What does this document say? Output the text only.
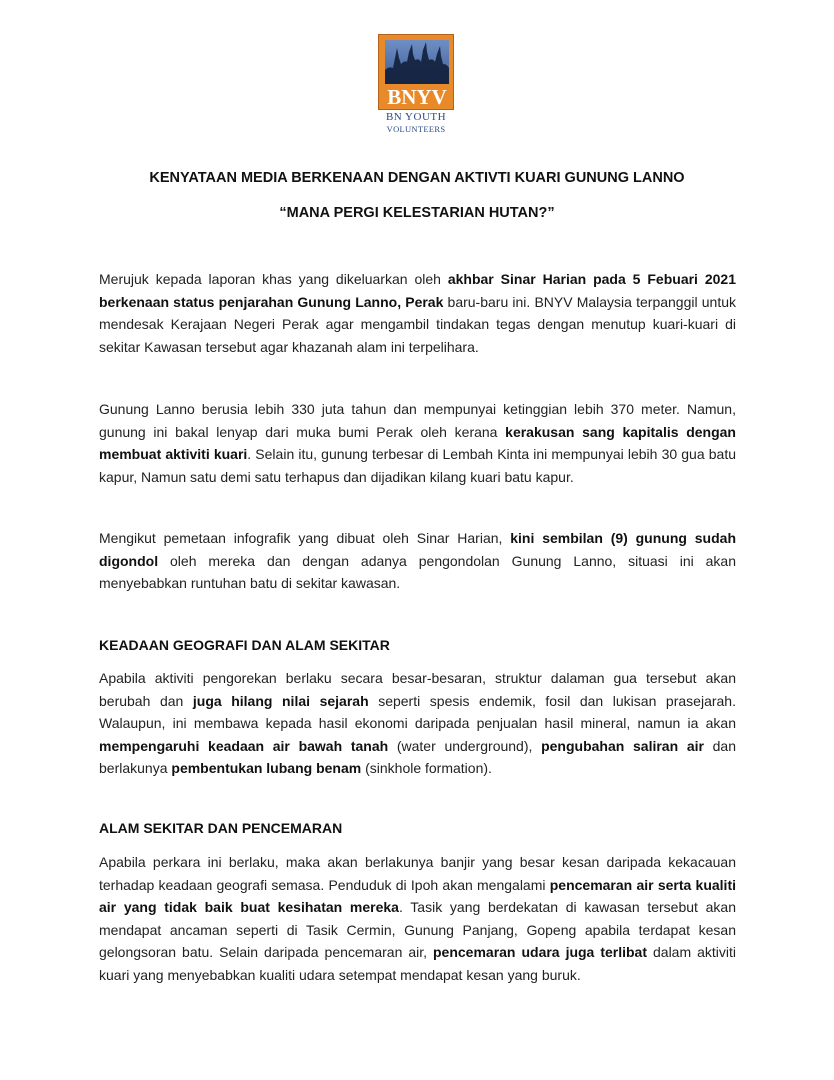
BNYV
BN YOUTH
VOLUNTEERS
KENYATAAN MEDIA BERKENAAN DENGAN AKTIVTI KUARI GUNUNG LANNO
“MANA PERGI KELESTARIAN HUTAN?”
Merujuk kepada laporan khas yang dikeluarkan oleh akhbar Sinar Harian pada 5 Febuari 2021 berkenaan status penjarahan Gunung Lanno, Perak baru-baru ini. BNYV Malaysia terpanggil untuk mendesak Kerajaan Negeri Perak agar mengambil tindakan tegas dengan menutup kuari-kuari di sekitar Kawasan tersebut agar khazanah alam ini terpelihara.
Gunung Lanno berusia lebih 330 juta tahun dan mempunyai ketinggian lebih 370 meter. Namun, gunung ini bakal lenyap dari muka bumi Perak oleh kerana kerakusan sang kapitalis dengan membuat aktiviti kuari. Selain itu, gunung terbesar di Lembah Kinta ini mempunyai lebih 30 gua batu kapur, Namun satu demi satu terhapus dan dijadikan kilang kuari batu kapur.
Mengikut pemetaan infografik yang dibuat oleh Sinar Harian, kini sembilan (9) gunung sudah digondol oleh mereka dan dengan adanya pengondolan Gunung Lanno, situasi ini akan menyebabkan runtuhan batu di sekitar kawasan.
KEADAAN GEOGRAFI DAN ALAM SEKITAR
Apabila aktiviti pengorekan berlaku secara besar-besaran, struktur dalaman gua tersebut akan berubah dan juga hilang nilai sejarah seperti spesis endemik, fosil dan lukisan prasejarah. Walaupun, ini membawa kepada hasil ekonomi daripada penjualan hasil mineral, namun ia akan mempengaruhi keadaan air bawah tanah (water underground), pengubahan saliran air dan berlakunya pembentukan lubang benam (sinkhole formation).
ALAM SEKITAR DAN PENCEMARAN
Apabila perkara ini berlaku, maka akan berlakunya banjir yang besar kesan daripada kekacauan terhadap keadaan geografi semasa. Penduduk di Ipoh akan mengalami pencemaran air serta kualiti air yang tidak baik buat kesihatan mereka. Tasik yang berdekatan di kawasan tersebut akan mendapat ancaman seperti di Tasik Cermin, Gunung Panjang, Gopeng apabila terdapat kesan gelongsoran batu. Selain daripada pencemaran air, pencemaran udara juga terlibat dalam aktiviti kuari yang menyebabkan kualiti udara setempat mendapat kesan yang buruk.
